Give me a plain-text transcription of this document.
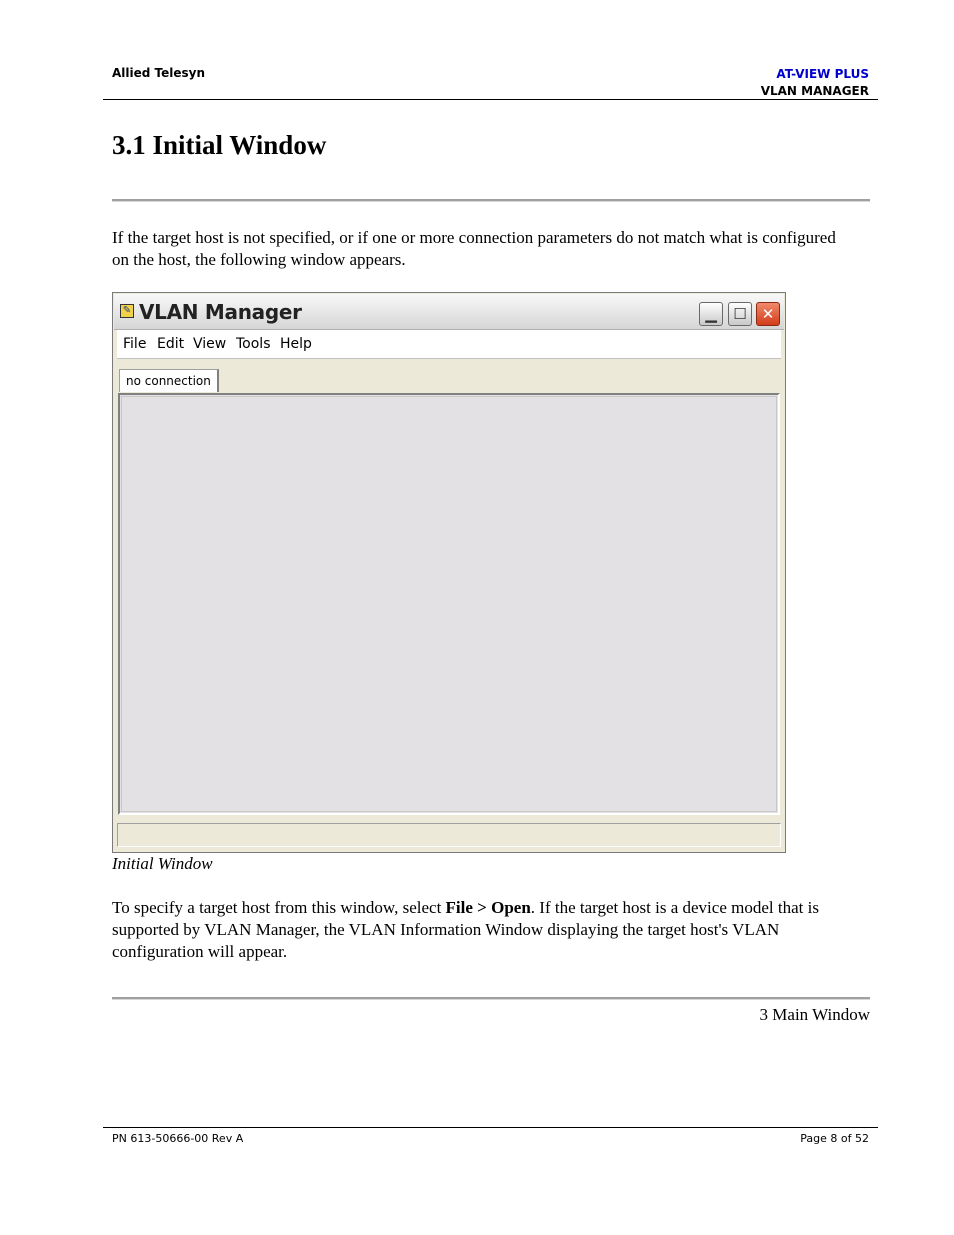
Allied Telesyn	AT-VIEW PLUS
VLAN MANAGER
3.1 Initial Window

If the target host is not specified, or if one or more connection parameters do not match what is configured on the host, the following window appears.

✎ VLAN Manager	▁	☐ ✕
File Edit View Tools Help
no connection
Initial Window

To specify a target host from this window, select File > Open. If the target host is a device model that is supported by VLAN Manager, the VLAN Information Window displaying the target host's VLAN configuration will appear.

3 Main Window
PN 613-50666-00 Rev A	Page 8 of 52
